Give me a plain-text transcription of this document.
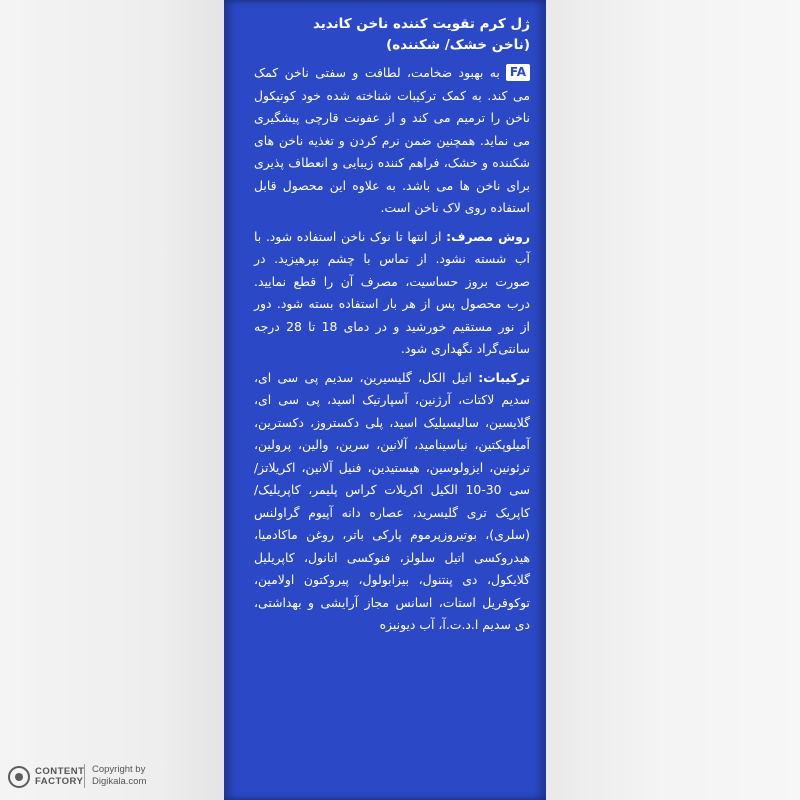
ژل کرم تقویت کننده ناخن کاندید
(ناخن خشک/ شکننده)
FAبه بهبود ضخامت، لطافت و سفتی ناخن کمک می کند. به کمک ترکیبات شناخته شده خود کوتیکول ناخن را ترمیم می کند و از عفونت قارچی پیشگیری می نماید. همچنین ضمن نرم کردن و تغذیه ناخن های شکننده و خشک، فراهم کننده زیبایی و انعطاف پذیری برای ناخن ها می باشد. به علاوه این محصول قابل استفاده روی لاک ناخن است.
روش مصرف: از انتها تا نوک ناخن استفاده شود. با آب شسته نشود. از تماس با چشم بپرهیزید. در صورت بروز حساسیت، مصرف آن را قطع نمایید. درب محصول پس از هر بار استفاده بسته شود. دور از نور مستقیم خورشید و در دمای 18 تا 28 درجه سانتی‌گراد نگهداری شود.
ترکیبات: اتیل الکل، گلیسیرین، سدیم پی سی ای، سدیم لاکتات، آرژنین، آسپارتیک اسید، پی سی ای، گلایسین، سالیسیلیک اسید، پلی دکستروز، دکسترین، آمیلوپکتین، نیاسینامید، آلانین، سرین، والین، پرولین، ترئونین، ایزولوسین، هیستیدین، فنیل آلانین، اکریلاتز/سی 30-10 الکیل اکریلات کراس پلیمر، کاپریلیک/کاپریک تری گلیسرید، عصاره دانه آپیوم گراولنس (سلری)، بوتیروزپرموم پارکی باتر، روغن ماکادمیا، هیدروکسی اتیل سلولز، فنوکسی اتانول، کاپریلیل گلایکول، دی پنتنول، بیزابولول، پیروکتون اولامین، توکوفریل استات، اسانس مجاز آرایشی و بهداشتی، دی سدیم ا.د.ت.آ، آب دیونیزه
CONTENT
FACTORY
Copyright by
Digikala.com
